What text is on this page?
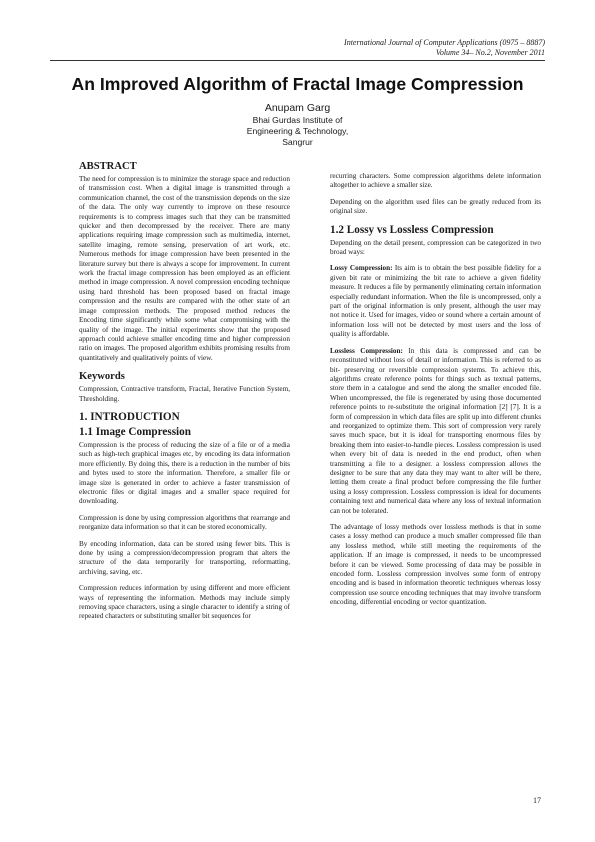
International Journal of Computer Applications (0975 – 8887)
Volume 34– No.2, November 2011
An Improved Algorithm of Fractal Image Compression
Anupam Garg
Bhai Gurdas Institute of
Engineering & Technology,
Sangrur
ABSTRACT

The need for compression is to minimize the storage space and reduction of transmission cost. When a digital image is transmitted through a communication channel, the cost of the transmission depends on the size of the data. The only way currently to improve on these resource requirements is to compress images such that they can be transmitted quicker and then decompressed by the receiver. There are many applications requiring image compression such as multimedia, internet, satellite imaging, remote sensing, preservation of art work, etc. Numerous methods for image compression have been presented in the literature survey but there is always a scope for improvement. In current work the fractal image compression has been employed as an efficient method in image compression. A novel compression encoding technique using hard threshold has been proposed based on fractal image compression and the results are compared with the other state of art image compression methods. The proposed method reduces the Encoding time significantly while some what compromising with the quality of the image. The initial experiments show that the proposed approach could achieve smaller encoding time and higher compression ratio on images. The proposed algorithm exhibits promising results from quantitatively and qualitatively points of view.

Keywords

Compression, Contractive transform, Fractal, Iterative Function System, Thresholding.

1. INTRODUCTION
1.1 Image Compression

Compression is the process of reducing the size of a file or of a media such as high-tech graphical images etc, by encoding its data information more efficiently. By doing this, there is a reduction in the number of bits and bytes used to store the information. Therefore, a smaller file or image size is generated in order to achieve a faster transmission of electronic files or digital images and a smaller space required for downloading.

Compression is done by using compression algorithms that rearrange and reorganize data information so that it can be stored economically.

By encoding information, data can be stored using fewer bits. This is done by using a compression/decompression program that alters the structure of the data temporarily for transporting, reformatting, archiving, saving, etc.

Compression reduces information by using different and more efficient ways of representing the information. Methods may include simply removing space characters, using a single character to identify a string of repeated characters or substituting smaller bit sequences for

recurring characters. Some compression algorithms delete information altogether to achieve a smaller size.

Depending on the algorithm used files can be greatly reduced from its original size.

1.2 Lossy vs Lossless Compression

Depending on the detail present, compression can be categorized in two broad ways:

Lossy Compression: Its aim is to obtain the best possible fidelity for a given bit rate or minimizing the bit rate to achieve a given fidelity measure. It reduces a file by permanently eliminating certain information especially redundant information. When the file is uncompressed, only a part of the original information is only present, although the user may not notice it. Used for images, video or sound where a certain amount of information loss will not be detected by most users and the loss of quality is affordable.

Lossless Compression: In this data is compressed and can be reconstituted without loss of detail or information. This is referred to as bit- preserving or reversible compression systems. To achieve this, algorithms create reference points for things such as textual patterns, store them in a catalogue and send the along the smaller encoded file. When uncompressed, the file is regenerated by using those documented reference points to re-substitute the original information [2] [7]. It is a form of compression in which data files are split up into different chunks and reorganized to optimize them. This sort of compression very rarely saves much space, but it is ideal for transporting enormous files by breaking them into easier-to-handle pieces. Lossless compression is used when every bit of data is needed in the end product, often when transmitting a file to a designer. a lossless compression allows the designer to be sure that any data they may want to alter will be there, letting them create a final product before compressing the file further using a lossy compression. Lossless compression is ideal for documents containing text and numerical data where any loss of textual information can not be tolerated.

The advantage of lossy methods over lossless methods is that in some cases a lossy method can produce a much smaller compressed file than any lossless method, while still meeting the requirements of the application. If an image is compressed, it needs to be uncompressed before it can be viewed. Some processing of data may be possible in encoded form. Lossless compression involves some form of entropy encoding and is based in information theoretic techniques whereas lossy compression use source encoding techniques that may involve transform encoding, differential encoding or vector quantization.

17
